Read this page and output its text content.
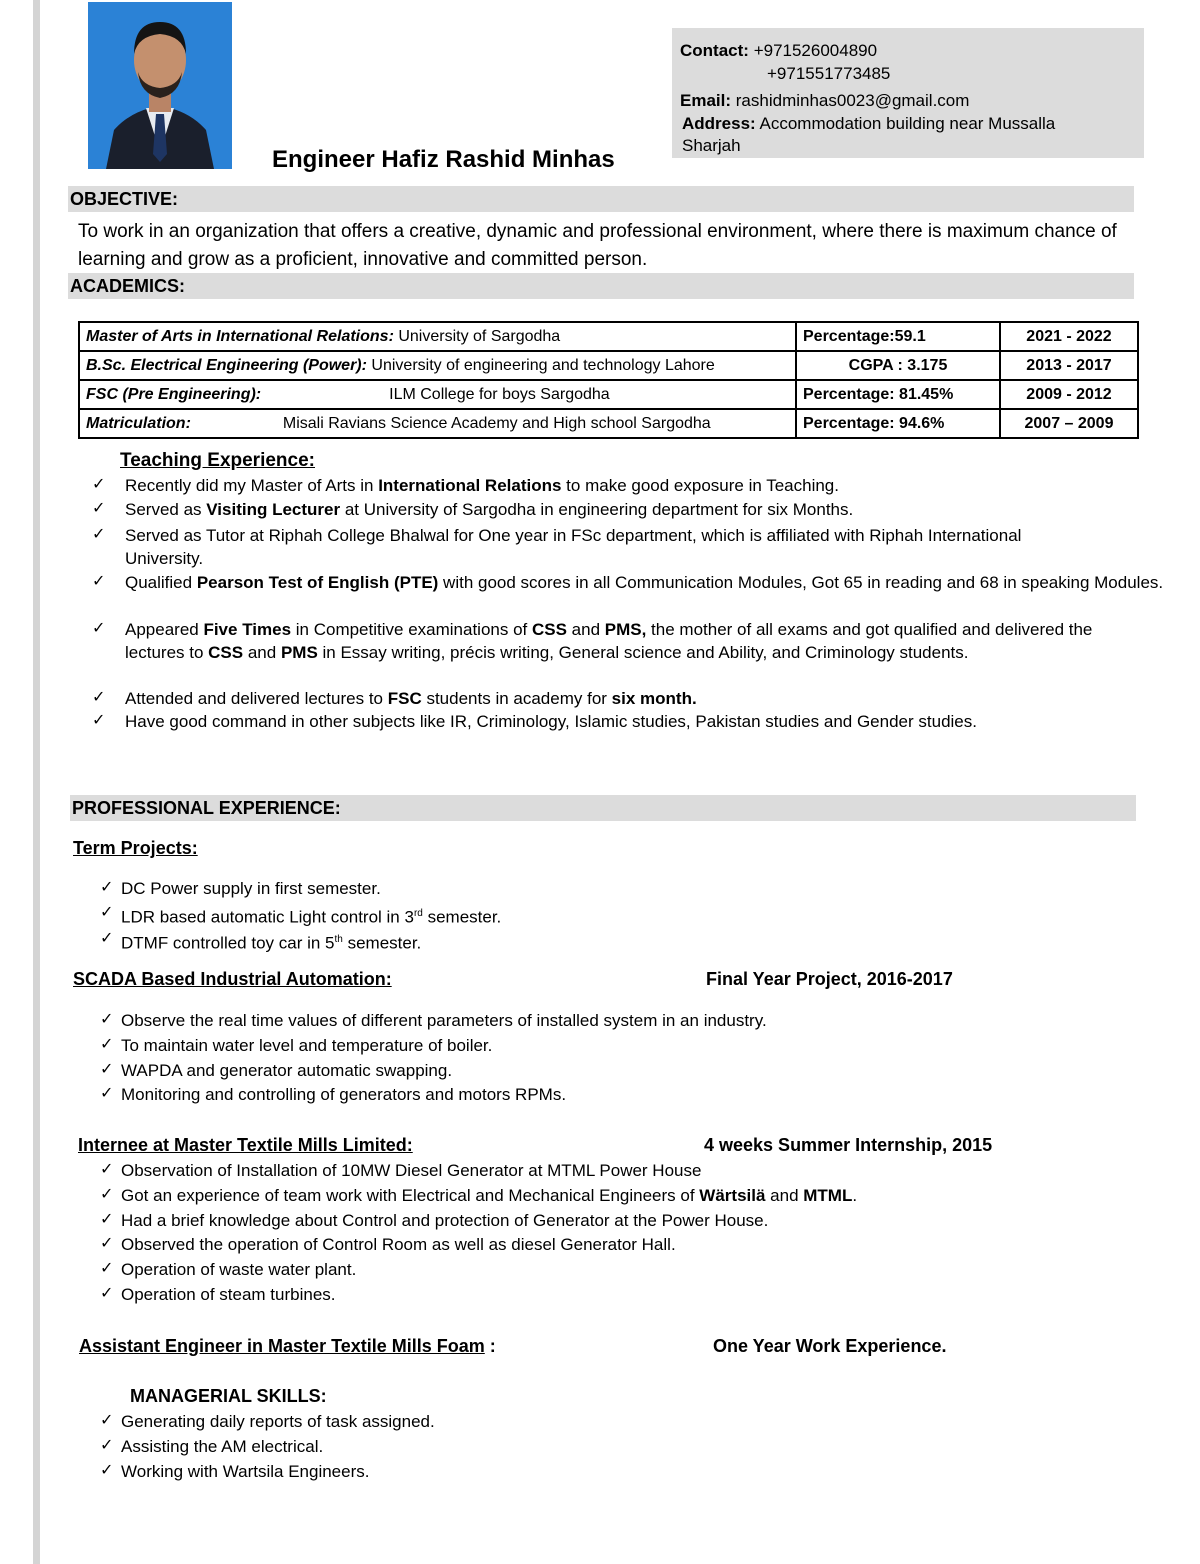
Contact: +971526004890
+971551773485
Email: rashidminhas0023@gmail.com
Address: Accommodation building near Mussalla
Sharjah
Engineer Hafiz Rashid Minhas
OBJECTIVE:
To work in an organization that offers a creative, dynamic and professional environment, where there is maximum chance of learning and grow as a proficient, innovative and committed person.
ACADEMICS:
Master of Arts in International Relations: University of Sargodha	Percentage:59.1	2021 - 2022
B.Sc. Electrical Engineering (Power): University of engineering and technology Lahore	CGPA : 3.175	2013 - 2017
FSC (Pre Engineering): ILM College for boys Sargodha	Percentage: 81.45%	2009 - 2012
Matriculation: Misali Ravians Science Academy and High school Sargodha	Percentage: 94.6%	2007 – 2009
Teaching Experience:
✓ Recently did my Master of Arts in International Relations to make good exposure in Teaching.
✓ Served as Visiting Lecturer at University of Sargodha in engineering department for six Months.
✓ Served as Tutor at Riphah College Bhalwal for One year in FSc department, which is affiliated with Riphah International University.
✓ Qualified Pearson Test of English (PTE) with good scores in all Communication Modules, Got 65 in reading and 68 in speaking Modules.
✓ Appeared Five Times in Competitive examinations of CSS and PMS, the mother of all exams and got qualified and delivered the lectures to CSS and PMS in Essay writing, précis writing, General science and Ability, and Criminology students.
✓ Attended and delivered lectures to FSC students in academy for six month.
✓ Have good command in other subjects like IR, Criminology, Islamic studies, Pakistan studies and Gender studies.
PROFESSIONAL EXPERIENCE:
Term Projects:
✓ DC Power supply in first semester.
✓ LDR based automatic Light control in 3rd semester.
✓ DTMF controlled toy car in 5th semester.
SCADA Based Industrial Automation:	Final Year Project, 2016-2017
✓ Observe the real time values of different parameters of installed system in an industry.
✓ To maintain water level and temperature of boiler.
✓ WAPDA and generator automatic swapping.
✓ Monitoring and controlling of generators and motors RPMs.
Internee at Master Textile Mills Limited:	4 weeks Summer Internship, 2015
✓ Observation of Installation of 10MW Diesel Generator at MTML Power House
✓ Got an experience of team work with Electrical and Mechanical Engineers of Wärtsilä and MTML.
✓ Had a brief knowledge about Control and protection of Generator at the Power House.
✓ Observed the operation of Control Room as well as diesel Generator Hall.
✓ Operation of waste water plant.
✓ Operation of steam turbines.
Assistant Engineer in Master Textile Mills Foam :	One Year Work Experience.
MANAGERIAL SKILLS:
✓ Generating daily reports of task assigned.
✓ Assisting the AM electrical.
✓ Working with Wartsila Engineers.
